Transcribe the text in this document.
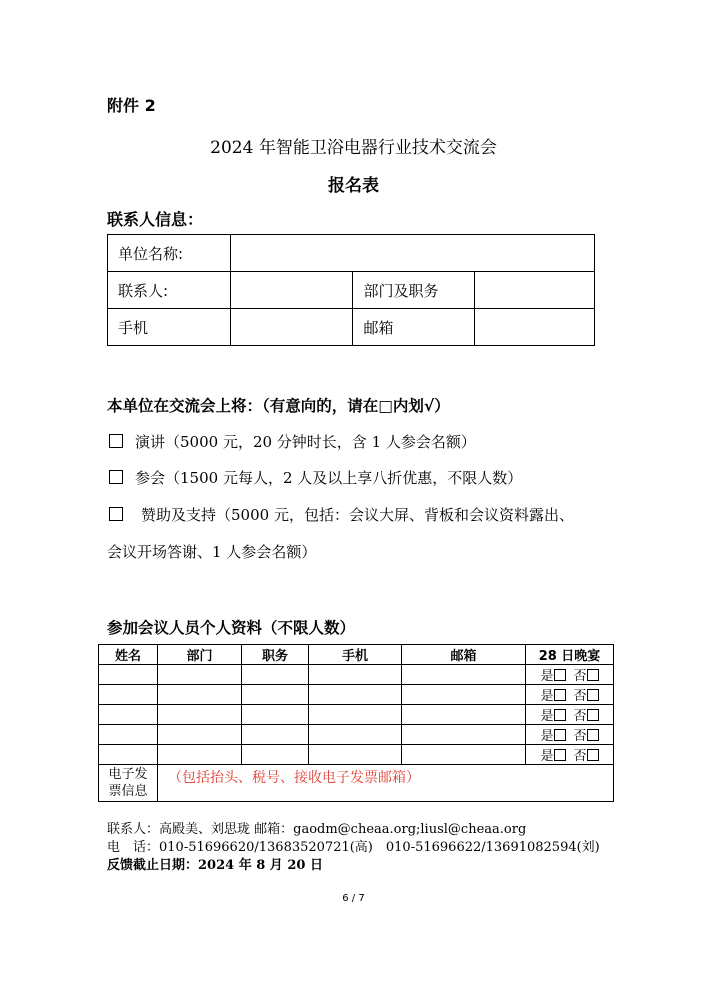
附件 2
2024 年智能卫浴电器行业技术交流会
报名表
联系人信息：
单位名称:			
联系人:		部门及职务	
手机		邮箱	
本单位在交流会上将：（有意向的，请在□内划√）
演讲（5000 元，20 分钟时长，含 1 人参会名额）
参会（1500 元每人，2 人及以上享八折优惠，不限人数）
赞助及支持（5000 元，包括：会议大屏、背板和会议资料露出、
会议开场答谢、1 人参会名额）
参加会议人员个人资料（不限人数）
姓名	部门	职务	手机	邮箱	28 日晚宴
					是 否
					是 否
					是 否
					是 否
					是 否
电子发
票信息	（包括抬头、税号、接收电子发票邮箱）				
联系人：高殿美、刘思珑 邮箱：gaodm@cheaa.org;liusl@cheaa.org
电　话：010-51696620/13683520721(高)　010-51696622/13691082594(刘)
反馈截止日期：2024 年 8 月 20 日
6 / 7
